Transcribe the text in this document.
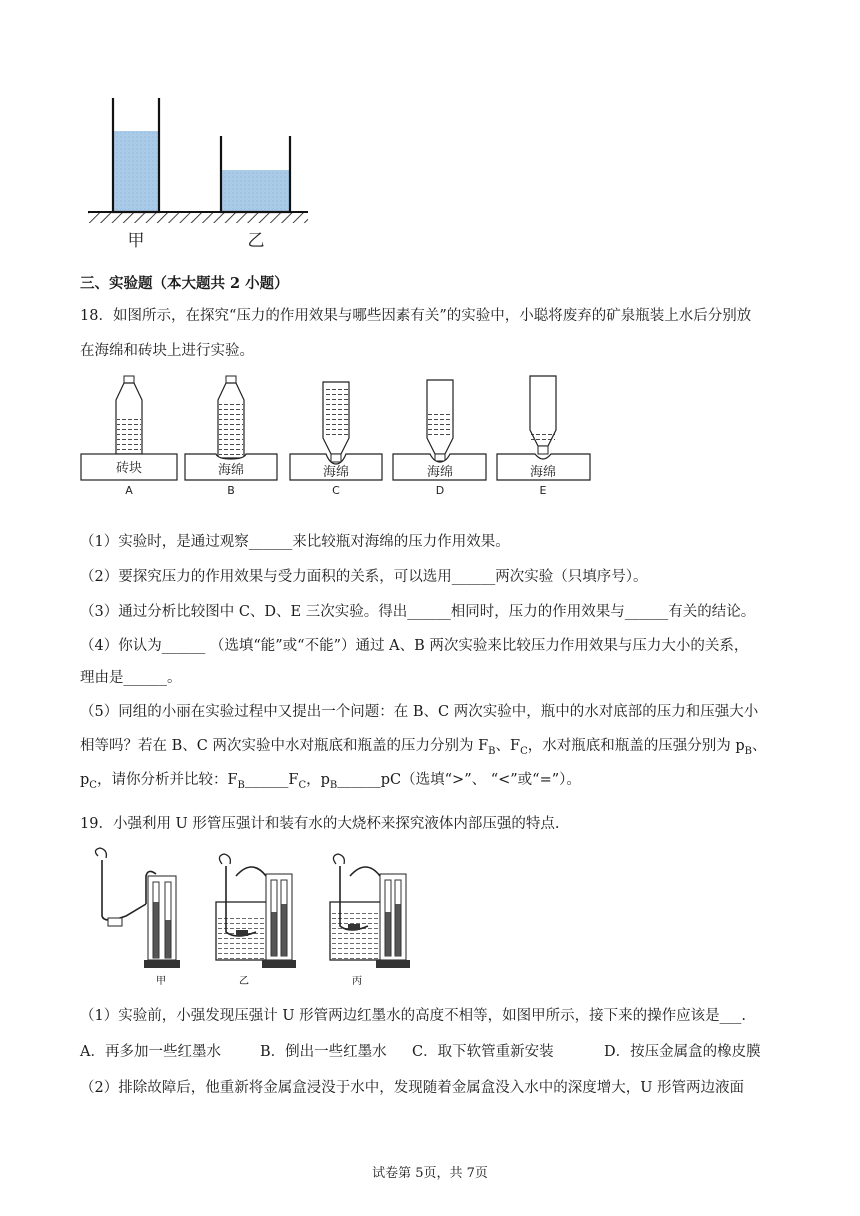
甲	乙
三、实验题（本大题共 2 小题）
18．如图所示，在探究“压力的作用效果与哪些因素有关”的实验中，小聪将废弃的矿泉瓶装上水后分别放
在海绵和砖块上进行实验。
砖块
A
海绵
B
海绵
C
海绵
D
海绵
E
（1）实验时，是通过观察______来比较瓶对海绵的压力作用效果。
（2）要探究压力的作用效果与受力面积的关系，可以选用______两次实验（只填序号）。
（3）通过分析比较图中 C、D、E 三次实验。得出______相同时，压力的作用效果与______有关的结论。
（4）你认为______ （选填“能”或“不能”）通过 A、B 两次实验来比较压力作用效果与压力大小的关系，
理由是______。
（5）同组的小丽在实验过程中又提出一个问题：在 B、C 两次实验中，瓶中的水对底部的压力和压强大小
相等吗？若在 B、C 两次实验中水对瓶底和瓶盖的压力分别为 $F_B$、$F_C$，水对瓶底和瓶盖的压强分别为 $p_B$、
$p_C$，请你分析并比较：$F_B\_\_\_\_\_\_F_C$，$p_B\_\_\_\_\_\_pC$（选填“>”、 “<”或“=”）。
19．小强利用 U 形管压强计和装有水的大烧杯来探究液体内部压强的特点.
甲	乙	丙
（1）实验前，小强发现压强计 U 形管两边红墨水的高度不相等，如图甲所示，接下来的操作应该是___.
A．再多加一些红墨水	B．倒出一些红墨水 C．取下软管重新安装	D．按压金属盒的橡皮膜
（2）排除故障后，他重新将金属盒浸没于水中，发现随着金属盒没入水中的深度增大，U 形管两边液面
试卷第 5页，共 7页
